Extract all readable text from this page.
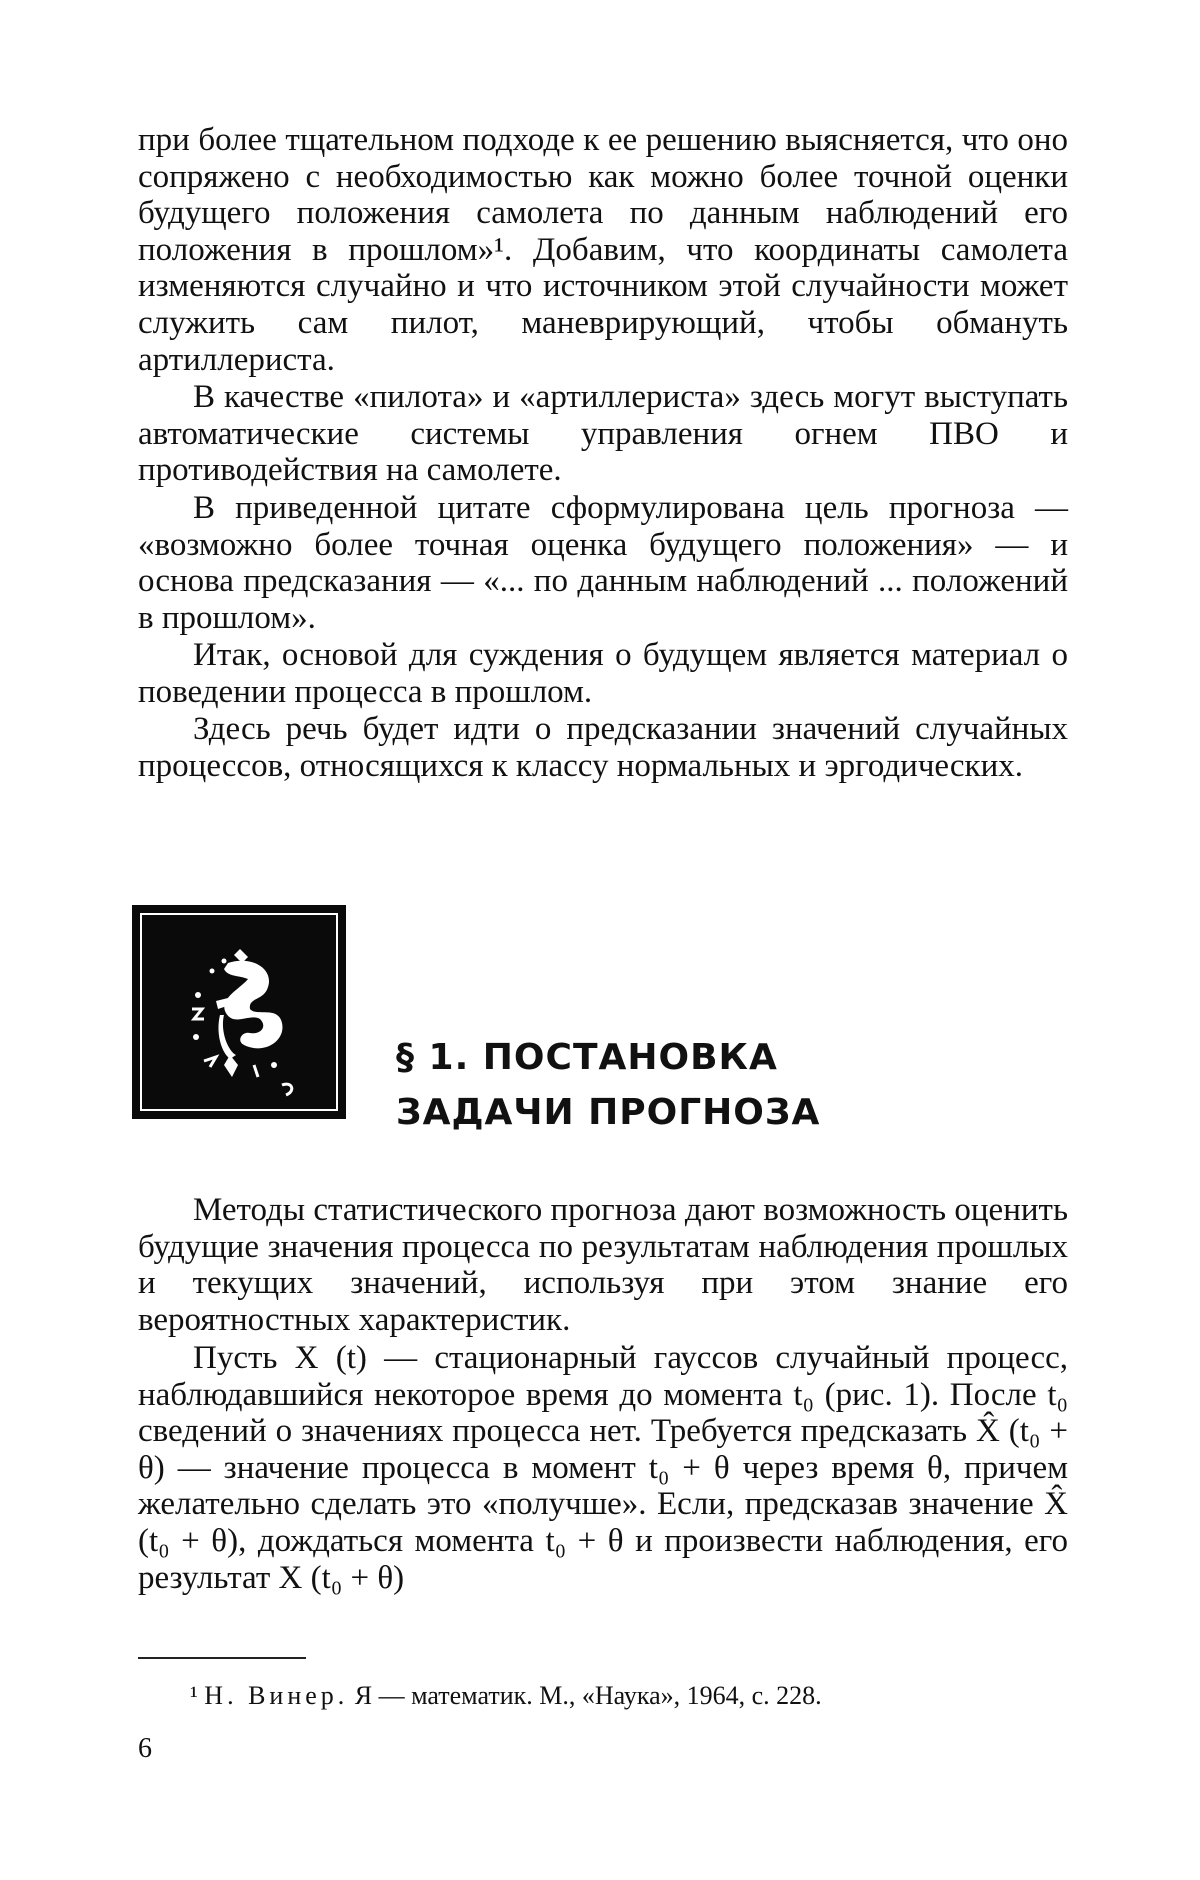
при более тщательном подходе к ее решению выясняется, что оно сопряжено с необходимостью как можно более точной оценки будущего положения самолета по данным наблюдений его положения в прошлом»¹. Добавим, что координаты самолета изменяются случайно и что источником этой случайности может служить сам пилот, маневрирующий, чтобы обмануть артиллериста.

В качестве «пилота» и «артиллериста» здесь могут выступать автоматические системы управления огнем ПВО и противодействия на самолете.

В приведенной цитате сформулирована цель прогноза — «возможно более точная оценка будущего положения» — и основа предсказания — «... по данным наблюдений ... положений в прошлом».

Итак, основой для суждения о будущем является материал о поведении процесса в прошлом.

Здесь речь будет идти о предсказании значений случайных процессов, относящихся к классу нормальных и эргодических.

§ 1. ПОСТАНОВКА
ЗАДАЧИ ПРОГНОЗА

Методы статистического прогноза дают возможность оценить будущие значения процесса по результатам наблюдения прошлых и текущих значений, используя при этом знание его вероятностных характеристик.

Пусть X (t) — стационарный гауссов случайный процесс, наблюдавшийся некоторое время до момента t₀ (рис. 1). После t₀ сведений о значениях процесса нет. Требуется предсказать X̂ (t₀ + θ) — значение процесса в момент t₀ + θ через время θ, причем желательно сделать это «получше». Если, предсказав значение X̂ (t₀ + θ), дождаться момента t₀ + θ и произвести наблюдения, его результат X (t₀ + θ)

¹ Н. Винер. Я — математик. М., «Наука», 1964, с. 228.

6
